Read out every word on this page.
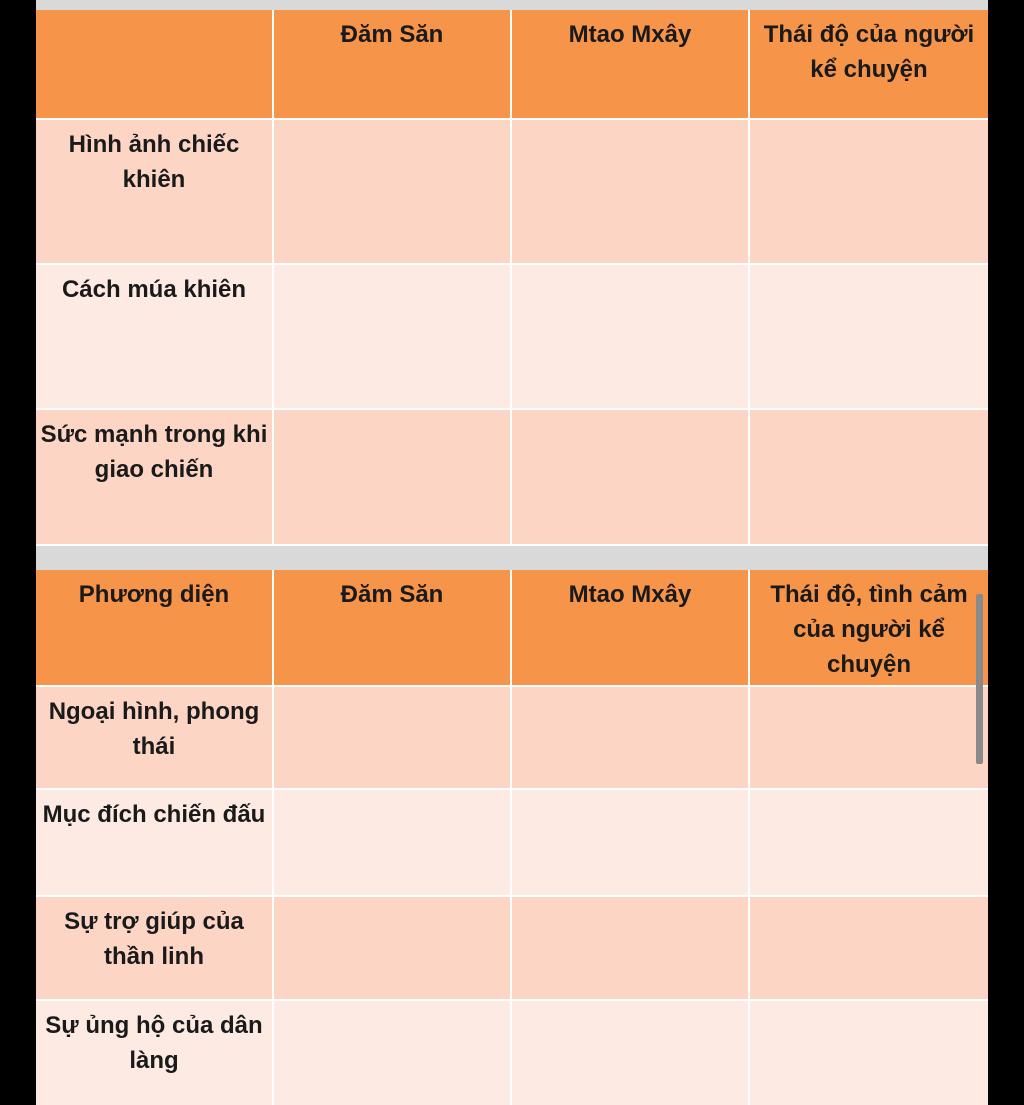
	Đăm Săn	Mtao Mxây	Thái độ của người kể chuyện

Hình ảnh chiếc khiên			

Cách múa khiên			

Sức mạnh trong khi giao chiến			

Phương diện	Đăm Săn	Mtao Mxây	Thái độ, tình cảm của người kể chuyện

Ngoại hình, phong thái			

Mục đích chiến đấu			

Sự trợ giúp của thần linh			

Sự ủng hộ của dân làng			
